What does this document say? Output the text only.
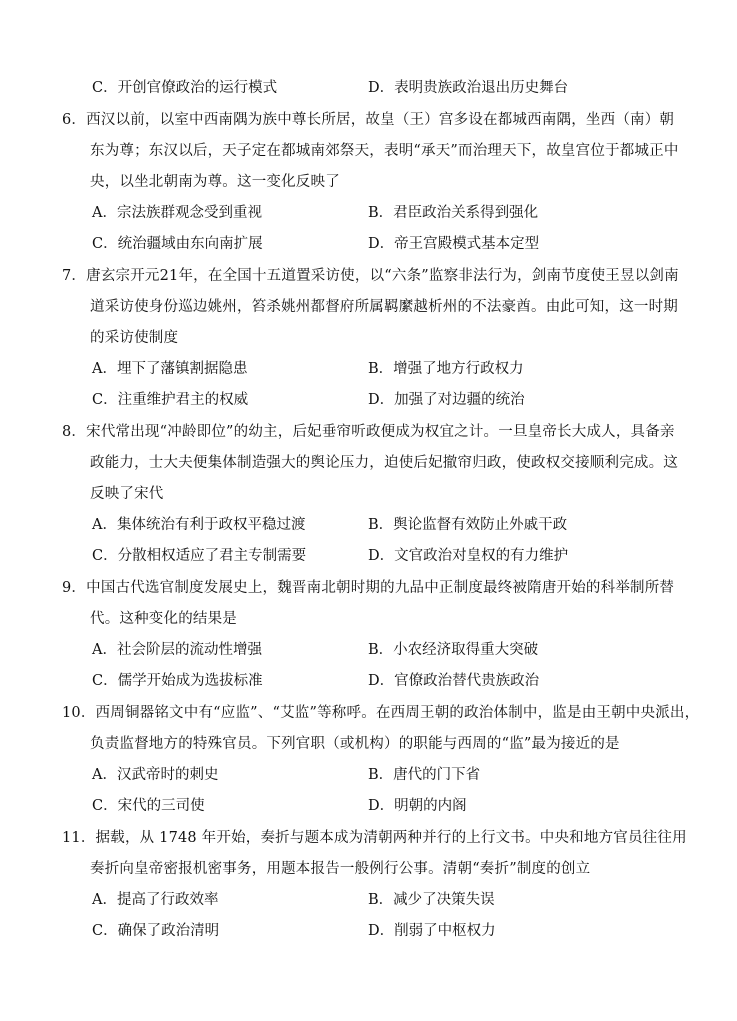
C．开创官僚政治的运行模式	D．表明贵族政治退出历史舞台
6．西汉以前，以室中西南隅为族中尊长所居，故皇（王）宫多设在都城西南隅，坐西（南）朝
东为尊；东汉以后，天子定在都城南郊祭天，表明“承天”而治理天下，故皇宫位于都城正中
央，以坐北朝南为尊。这一变化反映了
A．宗法族群观念受到重视	B．君臣政治关系得到强化
C．统治疆域由东向南扩展	D．帝王宫殿模式基本定型
7．唐玄宗开元21年，在全国十五道置采访使，以“六条”监察非法行为，剑南节度使王昱以剑南
道采访使身份巡边姚州，笞杀姚州都督府所属羁縻越析州的不法豪酋。由此可知，这一时期
的采访使制度
A．埋下了藩镇割据隐患	B．增强了地方行政权力
C．注重维护君主的权威	D．加强了对边疆的统治
8．宋代常出现“冲龄即位”的幼主，后妃垂帘听政便成为权宜之计。一旦皇帝长大成人，具备亲
政能力，士大夫便集体制造强大的舆论压力，迫使后妃撤帘归政，使政权交接顺利完成。这
反映了宋代
A．集体统治有利于政权平稳过渡	B．舆论监督有效防止外戚干政
C．分散相权适应了君主专制需要	D．文官政治对皇权的有力维护
9．中国古代选官制度发展史上，魏晋南北朝时期的九品中正制度最终被隋唐开始的科举制所替
代。这种变化的结果是
A．社会阶层的流动性增强	B．小农经济取得重大突破
C．儒学开始成为选拔标准	D．官僚政治替代贵族政治
10．西周铜器铭文中有“应监”、“艾监”等称呼。在西周王朝的政治体制中，监是由王朝中央派出，
负责监督地方的特殊官员。下列官职（或机构）的职能与西周的“监”最为接近的是
A．汉武帝时的刺史	B．唐代的门下省
C．宋代的三司使	D．明朝的内阁
11．据载，从 1748 年开始，奏折与题本成为清朝两种并行的上行文书。中央和地方官员往往用
奏折向皇帝密报机密事务，用题本报告一般例行公事。清朝“奏折”制度的创立
A．提高了行政效率	B．减少了决策失误
C．确保了政治清明	D．削弱了中枢权力
